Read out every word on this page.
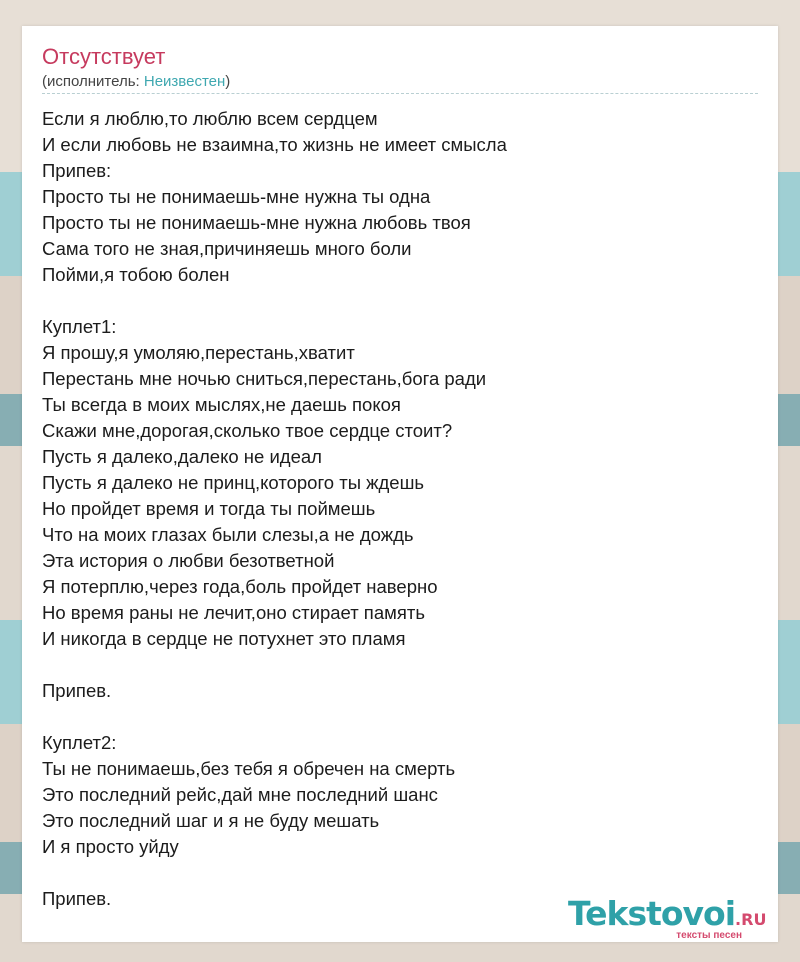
Отсутствует
(исполнитель: Неизвестен)
Если я люблю,то люблю всем сердцем
И если любовь не взаимна,то жизнь не имеет смысла
Припев:
Просто ты не понимаешь-мне нужна ты одна
Просто ты не понимаешь-мне нужна любовь твоя
Сама того не зная,причиняешь много боли
Пойми,я тобою болен
Куплет1:
Я прошу,я умоляю,перестань,хватит
Перестань мне ночью сниться,перестань,бога ради
Ты всегда в моих мыслях,не даешь покоя
Скажи мне,дорогая,сколько твое сердце стоит?
Пусть я далеко,далеко не идеал
Пусть я далеко не принц,которого ты ждешь
Но пройдет время и тогда ты поймешь
Что на моих глазах были слезы,а не дождь
Эта история о любви безответной
Я потерплю,через года,боль пройдет наверно
Но время раны не лечит,оно стирает память
И никогда в сердце не потухнет это пламя
Припев.
Куплет2:
Ты не понимаешь,без тебя я обречен на смерть
Это последний рейс,дай мне последний шанс
Это последний шаг и я не буду мешать
И я просто уйду
Припев.	Tekstovoi.RU
тексты песен
